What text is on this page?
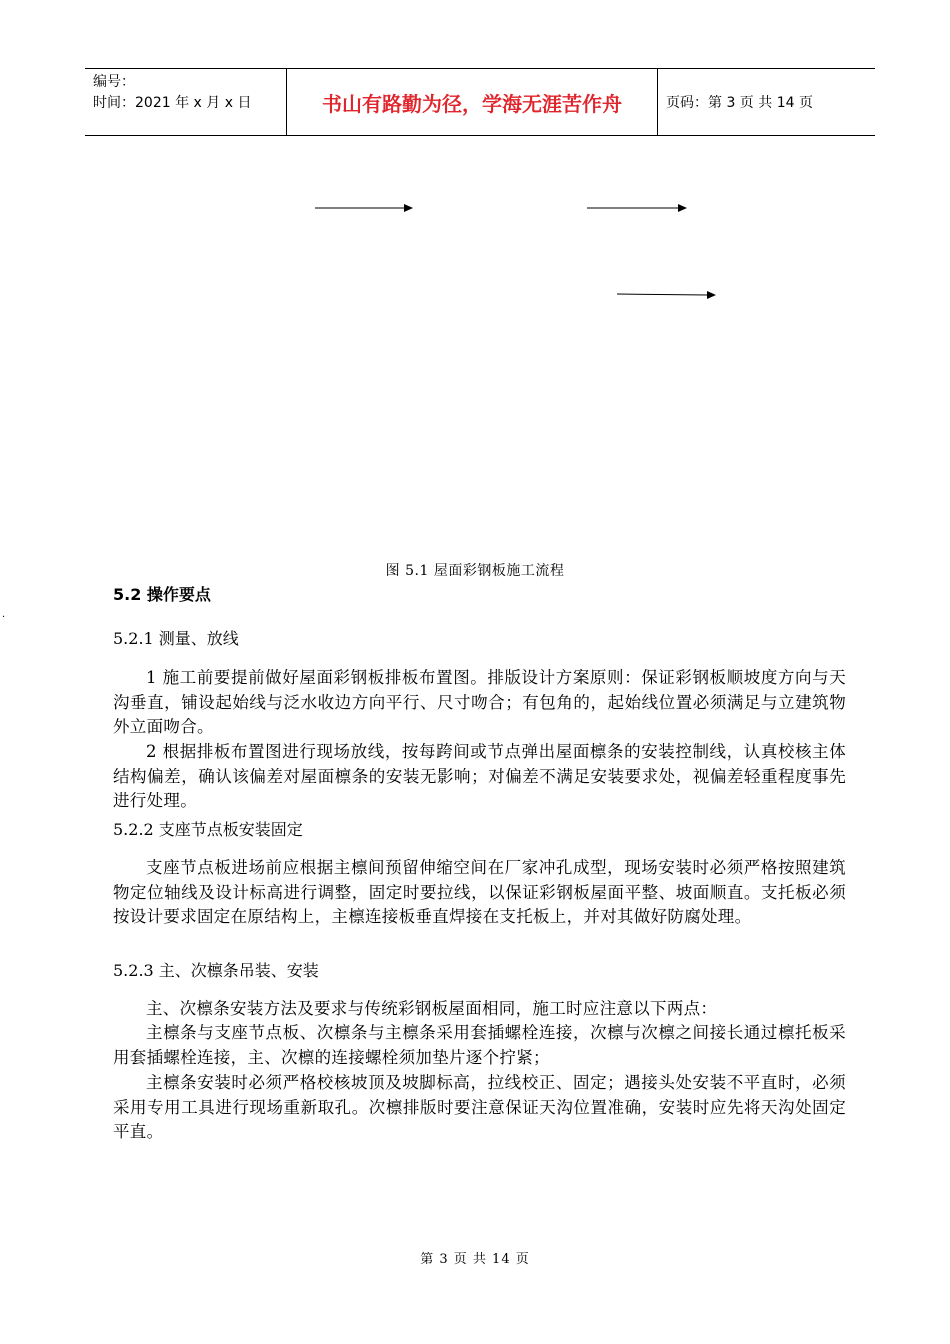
编号：
时间：2021 年 x 月 x 日	书山有路勤为径，学海无涯苦作舟	页码：第 3 页 共 14 页
图 5.1 屋面彩钢板施工流程
·
5.2 操作要点
5.2.1 测量、放线

1 施工前要提前做好屋面彩钢板排板布置图。排版设计方案原则：保证彩钢板顺坡度方向与天沟垂直，铺设起始线与泛水收边方向平行、尺寸吻合；有包角的，起始线位置必须满足与立建筑物外立面吻合。

2 根据排板布置图进行现场放线，按每跨间或节点弹出屋面檩条的安装控制线，认真校核主体结构偏差，确认该偏差对屋面檩条的安装无影响；对偏差不满足安装要求处，视偏差轻重程度事先进行处理。

5.2.2 支座节点板安装固定

支座节点板进场前应根据主檩间预留伸缩空间在厂家冲孔成型，现场安装时必须严格按照建筑物定位轴线及设计标高进行调整，固定时要拉线，以保证彩钢板屋面平整、坡面顺直。支托板必须按设计要求固定在原结构上，主檩连接板垂直焊接在支托板上，并对其做好防腐处理。

5.2.3 主、次檩条吊装、安装

主、次檩条安装方法及要求与传统彩钢板屋面相同，施工时应注意以下两点：

主檩条与支座节点板、次檩条与主檩条采用套插螺栓连接，次檩与次檩之间接长通过檩托板采用套插螺栓连接，主、次檩的连接螺栓须加垫片逐个拧紧；

主檩条安装时必须严格校核坡顶及坡脚标高，拉线校正、固定；遇接头处安装不平直时，必须采用专用工具进行现场重新取孔。次檩排版时要注意保证天沟位置准确，安装时应先将天沟处固定平直。

第 3 页 共 14 页
